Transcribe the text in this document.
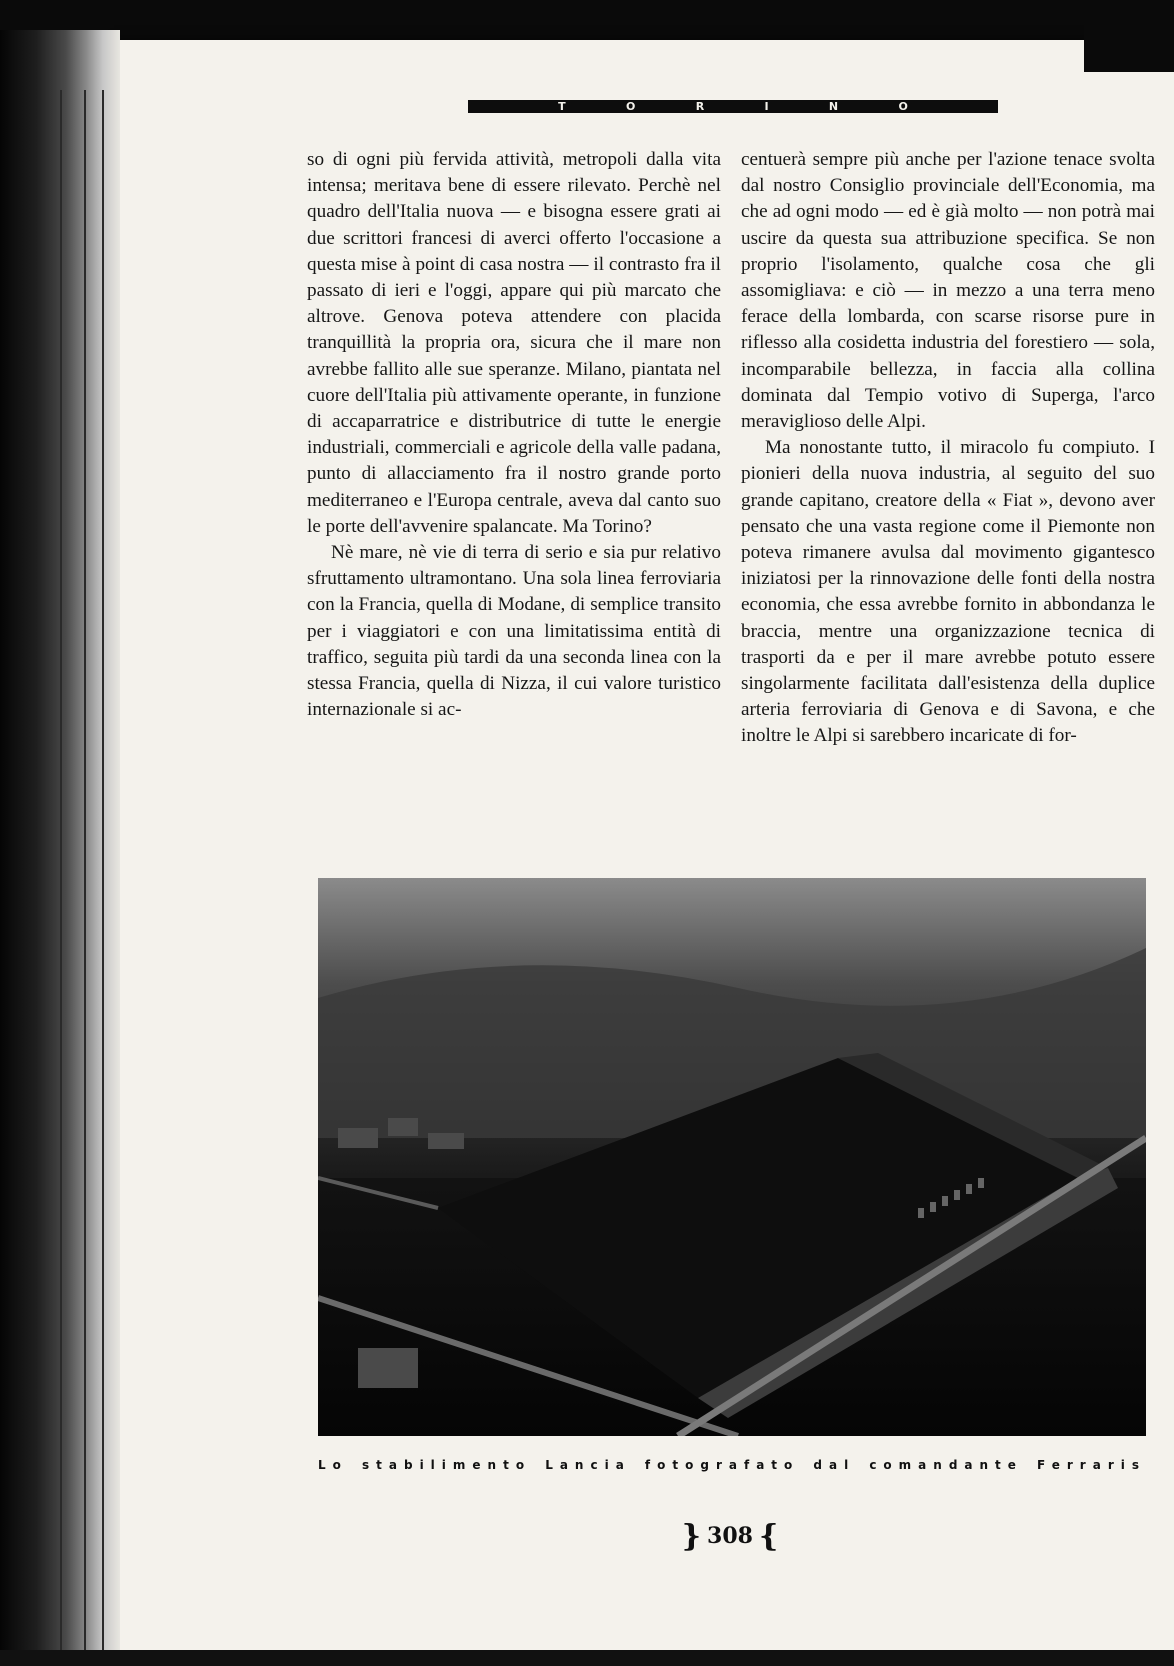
T	O	R	I	N	O

so di ogni più fervida attività, metropoli dalla vita intensa; meritava bene di essere rilevato. Perchè nel quadro dell'Italia nuova — e bisogna essere grati ai due scrittori francesi di averci offerto l'occasione a questa mise à point di casa nostra — il contrasto fra il passato di ieri e l'oggi, appare qui più marcato che altrove. Genova poteva attendere con placida tranquillità la propria ora, sicura che il mare non avrebbe fallito alle sue speranze. Milano, piantata nel cuore dell'Italia più attivamente operante, in funzione di accaparratrice e distributrice di tutte le energie industriali, commerciali e agricole della valle padana, punto di allacciamento fra il nostro grande porto mediterraneo e l'Europa centrale, aveva dal canto suo le porte dell'avvenire spalancate. Ma Torino?

Nè mare, nè vie di terra di serio e sia pur relativo sfruttamento ultramontano. Una sola linea ferroviaria con la Francia, quella di Modane, di semplice transito per i viaggiatori e con una limitatissima entità di traffico, seguita più tardi da una seconda linea con la stessa Francia, quella di Nizza, il cui valore turistico internazionale si ac-

centuerà sempre più anche per l'azione tenace svolta dal nostro Consiglio provinciale dell'Economia, ma che ad ogni modo — ed è già molto — non potrà mai uscire da questa sua attribuzione specifica. Se non proprio l'isolamento, qualche cosa che gli assomigliava: e ciò — in mezzo a una terra meno ferace della lombarda, con scarse risorse pure in riflesso alla cosidetta industria del forestiero — sola, incomparabile bellezza, in faccia alla collina dominata dal Tempio votivo di Superga, l'arco meraviglioso delle Alpi.

Ma nonostante tutto, il miracolo fu compiuto. I pionieri della nuova industria, al seguito del suo grande capitano, creatore della « Fiat », devono aver pensato che una vasta regione come il Piemonte non poteva rimanere avulsa dal movimento gigantesco iniziatosi per la rinnovazione delle fonti della nostra economia, che essa avrebbe fornito in abbondanza le braccia, mentre una organizzazione tecnica di trasporti da e per il mare avrebbe potuto essere singolarmente facilitata dall'esistenza della duplice arteria ferroviaria di Genova e di Savona, e che inoltre le Alpi si sarebbero incaricate di for-

Lo stabilimento Lancia fotografato dal comandante Ferraris
} 308 {
